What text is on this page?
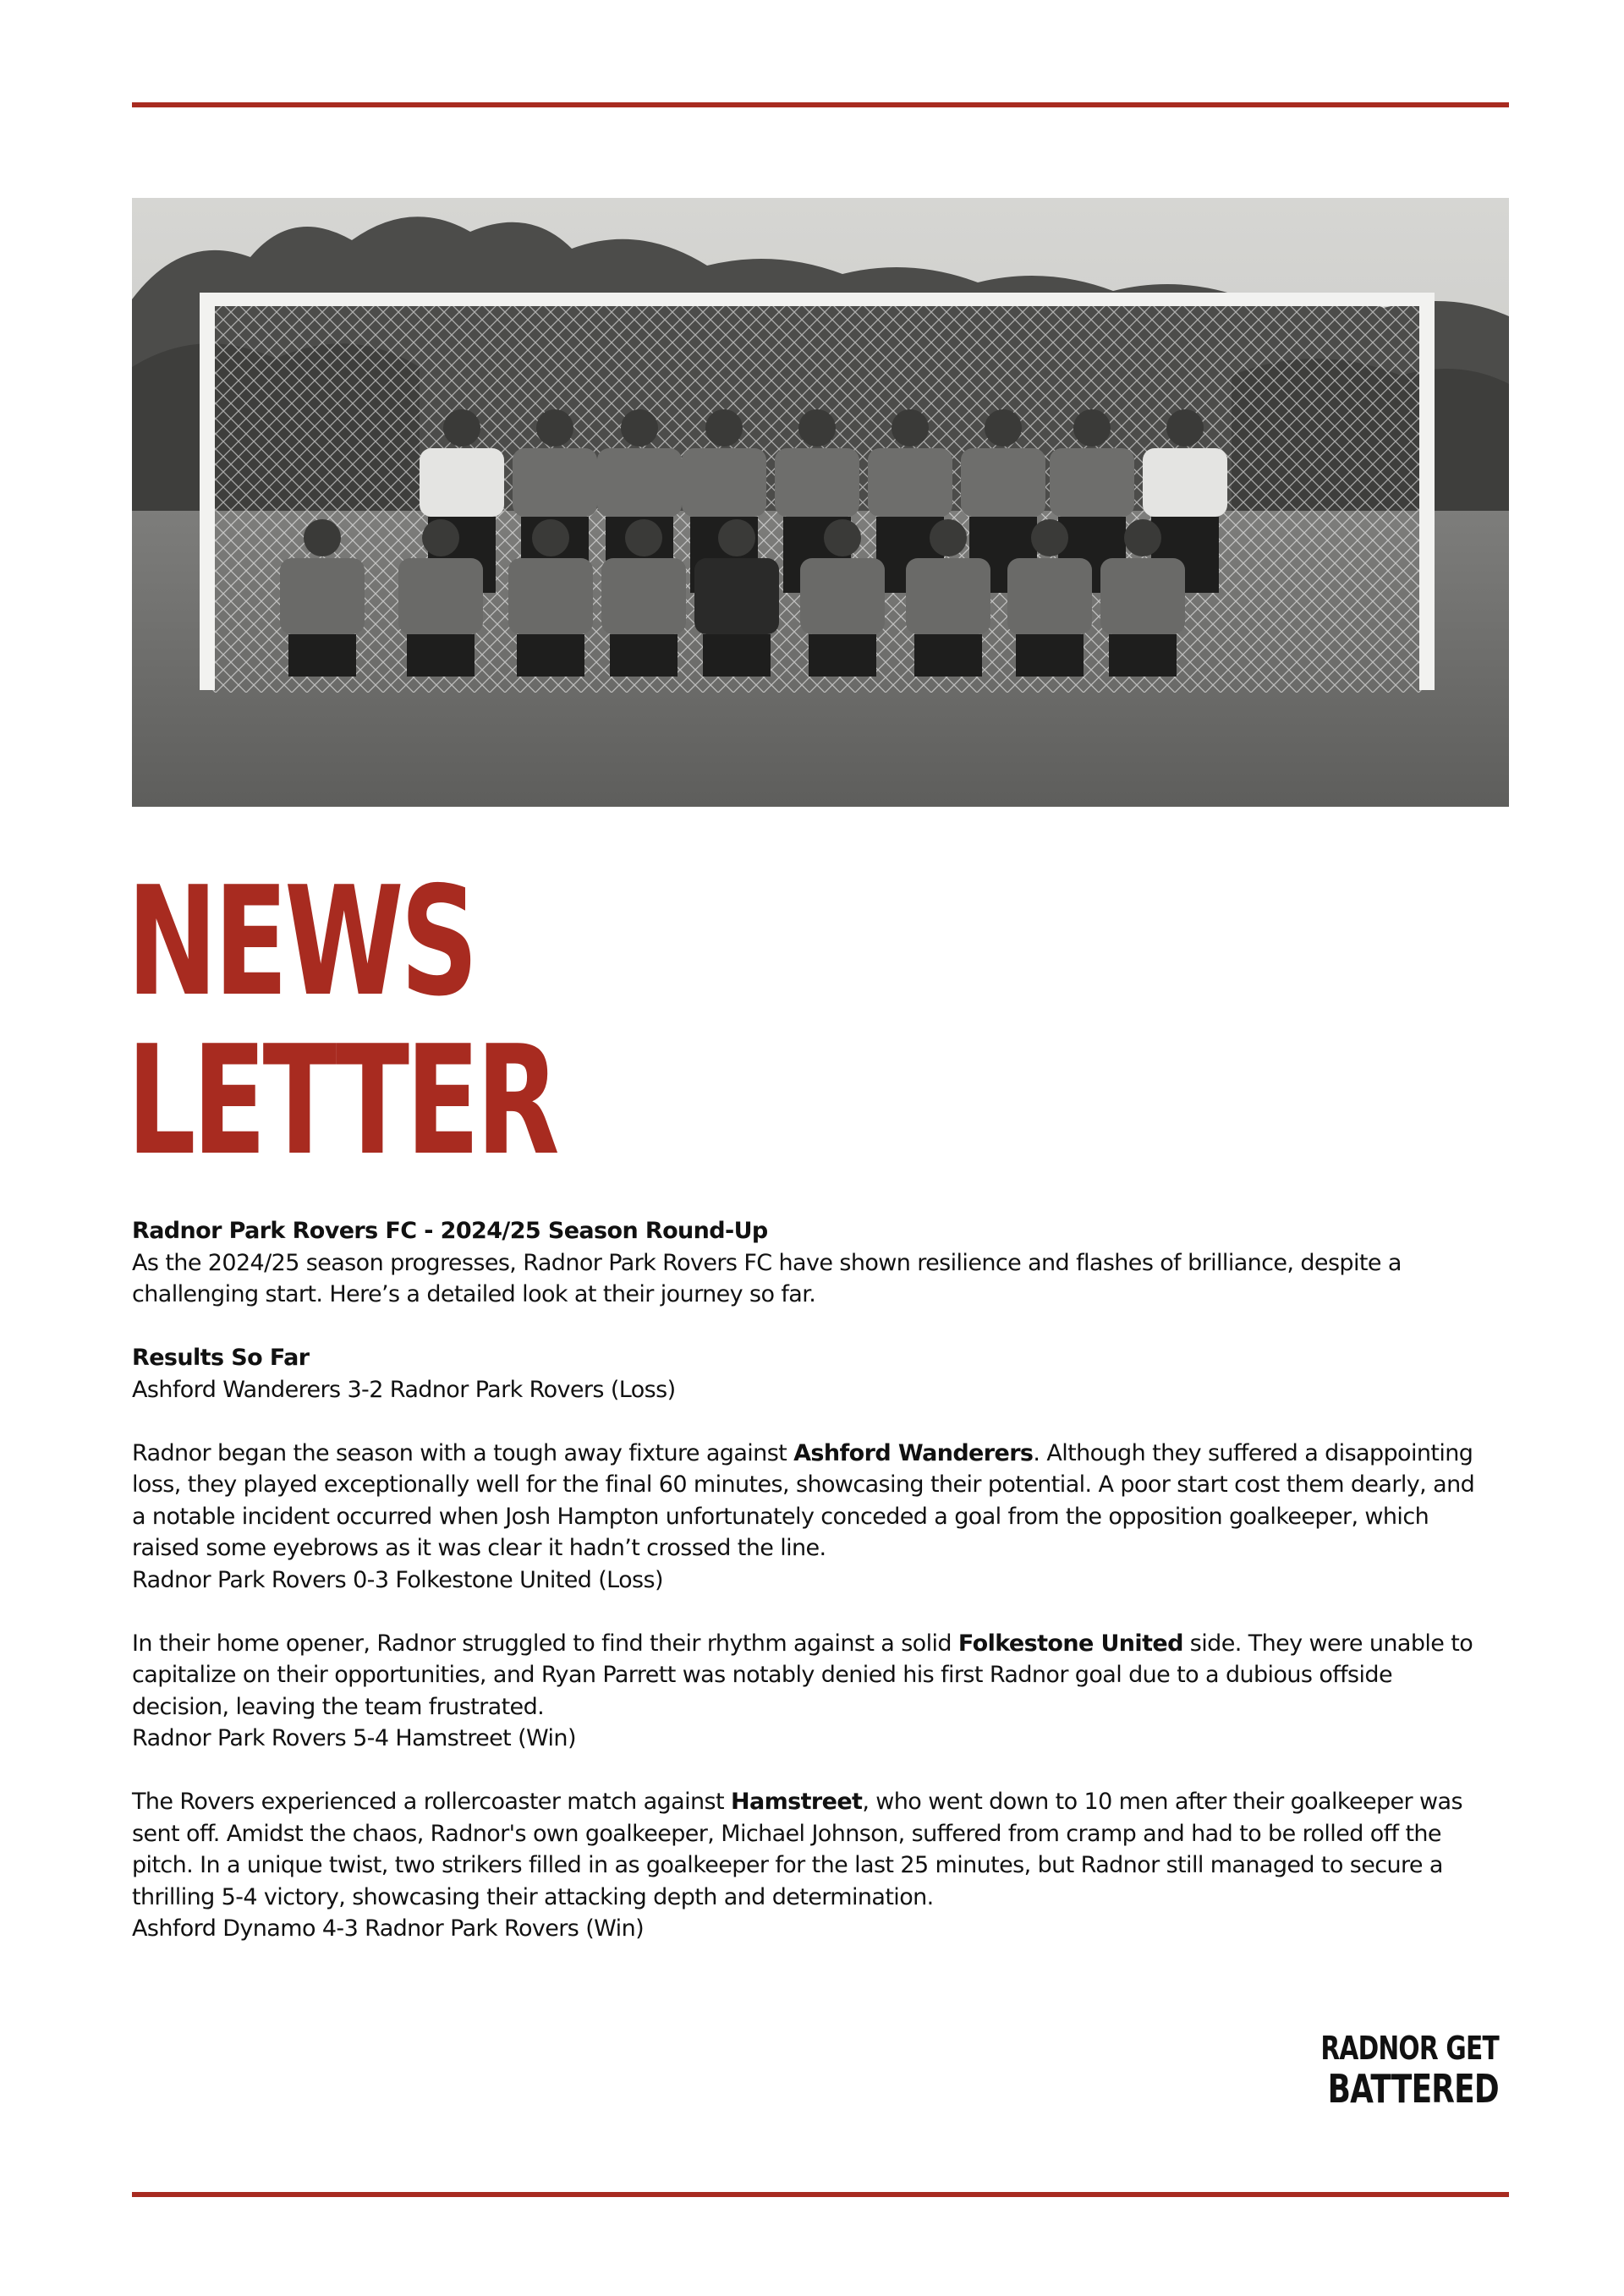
NEWS
LETTER

Radnor Park Rovers FC - 2024/25 Season Round-Up

As the 2024/25 season progresses, Radnor Park Rovers FC have shown resilience and flashes of brilliance, despite a challenging start. Here’s a detailed look at their journey so far.

Results So Far

Ashford Wanderers 3-2 Radnor Park Rovers (Loss)

Radnor began the season with a tough away fixture against Ashford Wanderers. Although they suffered a disappointing loss, they played exceptionally well for the final 60 minutes, showcasing their potential. A poor start cost them dearly, and a notable incident occurred when Josh Hampton unfortunately conceded a goal from the opposition goalkeeper, which raised some eyebrows as it was clear it hadn’t crossed the line.

Radnor Park Rovers 0-3 Folkestone United (Loss)

In their home opener, Radnor struggled to find their rhythm against a solid Folkestone United side. They were unable to capitalize on their opportunities, and Ryan Parrett was notably denied his first Radnor goal due to a dubious offside decision, leaving the team frustrated.

Radnor Park Rovers 5-4 Hamstreet (Win)

The Rovers experienced a rollercoaster match against Hamstreet, who went down to 10 men after their goalkeeper was sent off. Amidst the chaos, Radnor's own goalkeeper, Michael Johnson, suffered from cramp and had to be rolled off the pitch. In a unique twist, two strikers filled in as goalkeeper for the last 25 minutes, but Radnor still managed to secure a thrilling 5-4 victory, showcasing their attacking depth and determination.

Ashford Dynamo 4-3 Radnor Park Rovers (Win)

RADNOR GET
BATTERED
